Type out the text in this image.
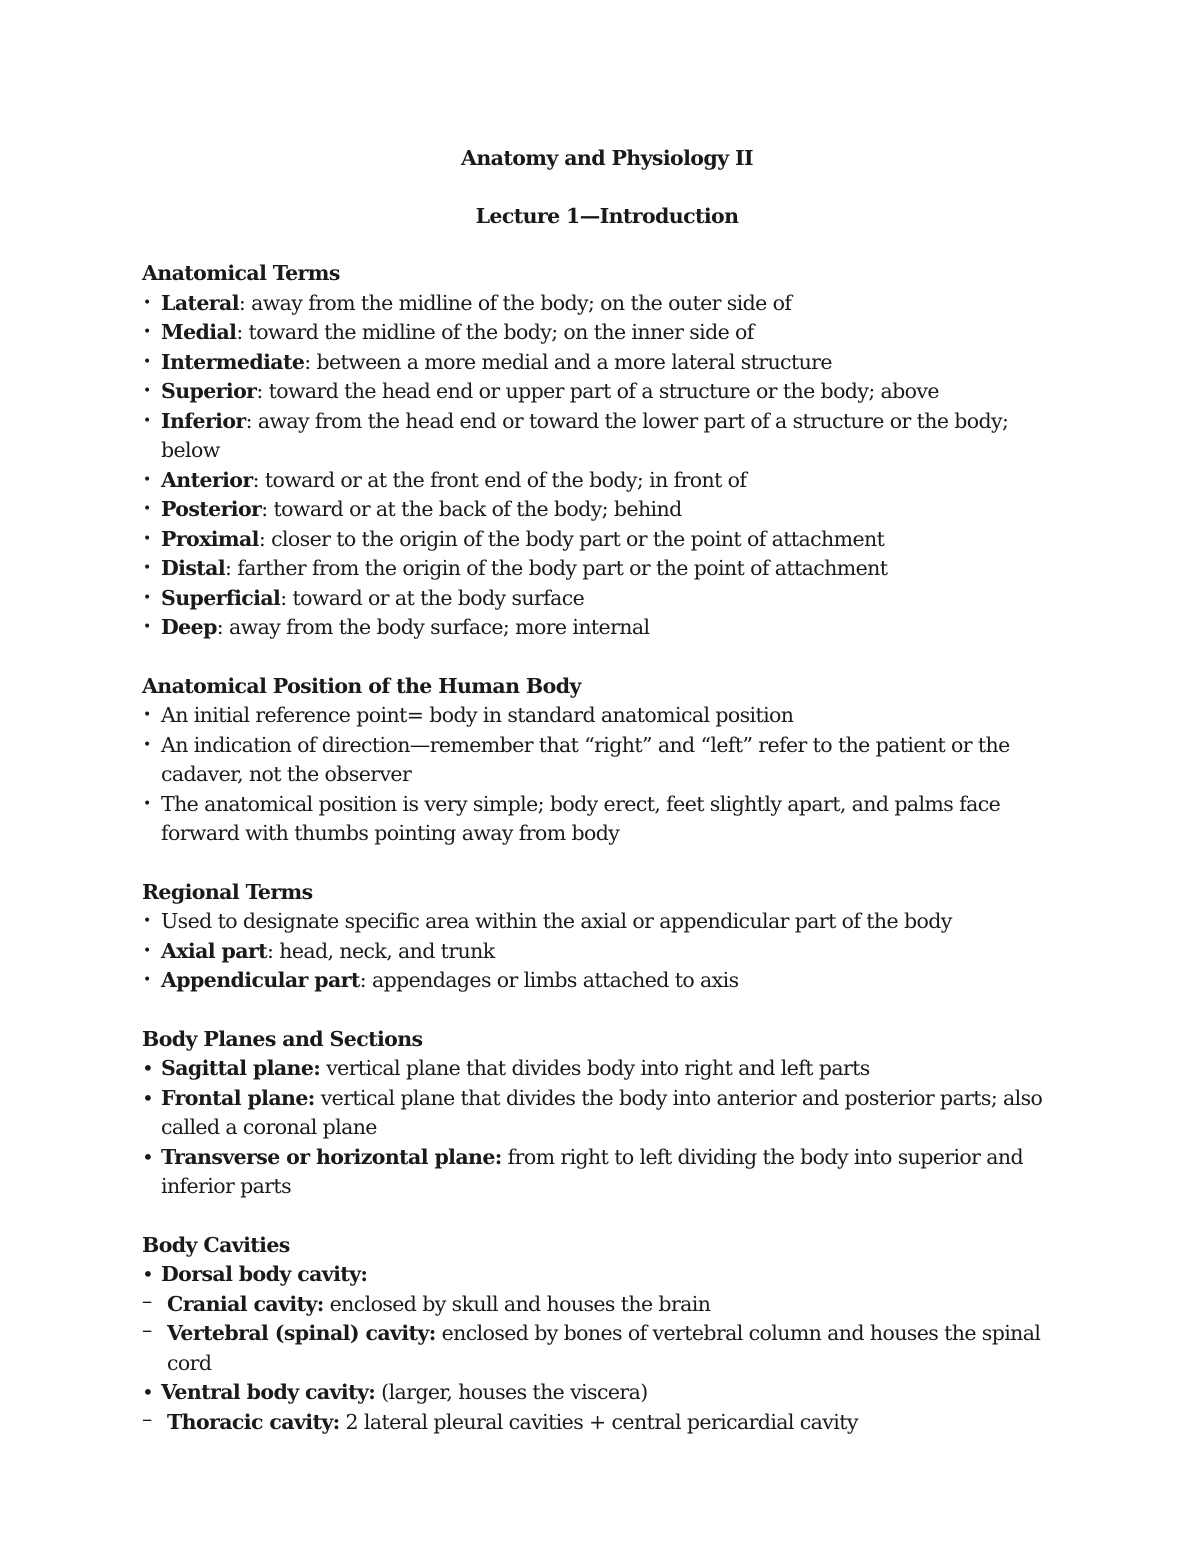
Anatomy and Physiology II

Lecture 1—Introduction

Anatomical Terms

• Lateral: away from the midline of the body; on the outer side of
• Medial: toward the midline of the body; on the inner side of
• Intermediate: between a more medial and a more lateral structure
• Superior: toward the head end or upper part of a structure or the body; above
• Inferior: away from the head end or toward the lower part of a structure or the body; below
• Anterior: toward or at the front end of the body; in front of
• Posterior: toward or at the back of the body; behind
• Proximal: closer to the origin of the body part or the point of attachment
• Distal: farther from the origin of the body part or the point of attachment
• Superficial: toward or at the body surface
• Deep: away from the body surface; more internal

Anatomical Position of the Human Body

• An initial reference point= body in standard anatomical position
• An indication of direction—remember that “right” and “left” refer to the patient or the cadaver, not the observer
• The anatomical position is very simple; body erect, feet slightly apart, and palms face forward with thumbs pointing away from body

Regional Terms

• Used to designate specific area within the axial or appendicular part of the body
• Axial part: head, neck, and trunk
• Appendicular part: appendages or limbs attached to axis

Body Planes and Sections

• Sagittal plane: vertical plane that divides body into right and left parts
• Frontal plane: vertical plane that divides the body into anterior and posterior parts; also called a coronal plane
• Transverse or horizontal plane: from right to left dividing the body into superior and inferior parts

Body Cavities

• Dorsal body cavity:
– Cranial cavity: enclosed by skull and houses the brain
– Vertebral (spinal) cavity: enclosed by bones of vertebral column and houses the spinal cord
• Ventral body cavity: (larger, houses the viscera)
– Thoracic cavity: 2 lateral pleural cavities + central pericardial cavity
